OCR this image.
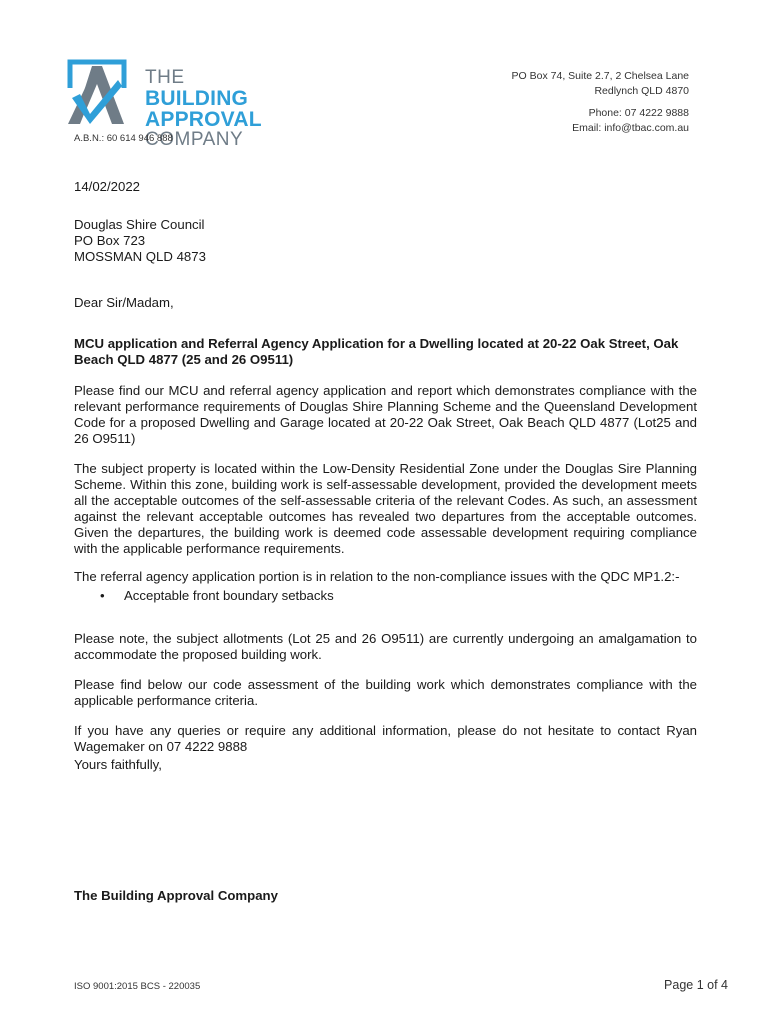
THE
BUILDING APPROVAL
COMPANY
A.B.N.: 60 614 946 888
PO Box 74, Suite 2.7, 2 Chelsea Lane
Redlynch QLD 4870
Phone: 07 4222 9888
Email: info@tbac.com.au
14/02/2022
Douglas Shire Council
PO Box 723
MOSSMAN QLD 4873
Dear Sir/Madam,

MCU application and Referral Agency Application for a Dwelling located at 20-22 Oak Street, Oak Beach QLD 4877 (25 and 26 O9511)

Please find our MCU and referral agency application and report which demonstrates compliance with the relevant performance requirements of Douglas Shire Planning Scheme and the Queensland Development Code for a proposed Dwelling and Garage located at 20-22 Oak Street, Oak Beach QLD 4877 (Lot25 and 26 O9511)

The subject property is located within the Low-Density Residential Zone under the Douglas Sire Planning Scheme. Within this zone, building work is self-assessable development, provided the development meets all the acceptable outcomes of the self-assessable criteria of the relevant Codes. As such, an assessment against the relevant acceptable outcomes has revealed two departures from the acceptable outcomes. Given the departures, the building work is deemed code assessable development requiring compliance with the applicable performance requirements.

The referral agency application portion is in relation to the non-compliance issues with the QDC MP1.2:-

• Acceptable front boundary setbacks

Please note, the subject allotments (Lot 25 and 26 O9511) are currently undergoing an amalgamation to accommodate the proposed building work.

Please find below our code assessment of the building work which demonstrates compliance with the applicable performance criteria.

If you have any queries or require any additional information, please do not hesitate to contact Ryan Wagemaker on 07 4222 9888

Yours faithfully,
The Building Approval Company
ISO 9001:2015 BCS - 220035	Page 1 of 4
